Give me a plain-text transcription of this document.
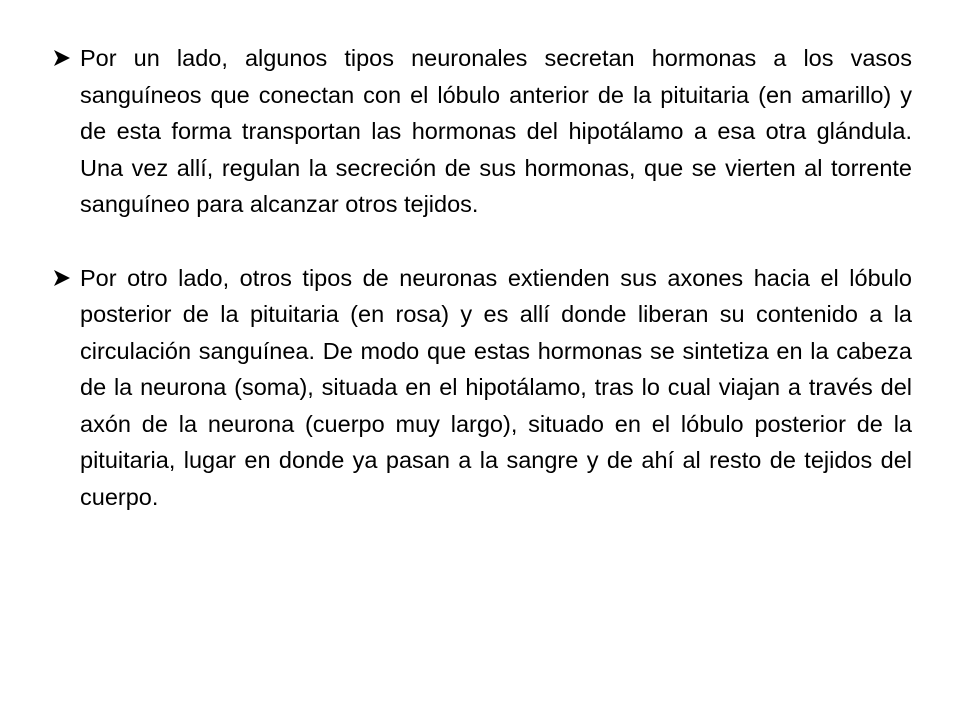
Por un lado, algunos tipos neuronales secretan hormonas a los vasos sanguíneos que conectan con el lóbulo anterior de la pituitaria (en amarillo) y de esta forma transportan las hormonas del hipotálamo a esa otra glándula. Una vez allí, regulan la secreción de sus hormonas, que se vierten al torrente sanguíneo para alcanzar otros tejidos.

Por otro lado, otros tipos de neuronas extienden sus axones hacia el lóbulo posterior de la pituitaria (en rosa) y es allí donde liberan su contenido a la circulación sanguínea. De modo que estas hormonas se sintetiza en la cabeza de la neurona (soma), situada en el hipotálamo, tras lo cual viajan a través del axón de la neurona (cuerpo muy largo), situado en el lóbulo posterior de la pituitaria, lugar en donde ya pasan a la sangre y de ahí al resto de tejidos del cuerpo.
